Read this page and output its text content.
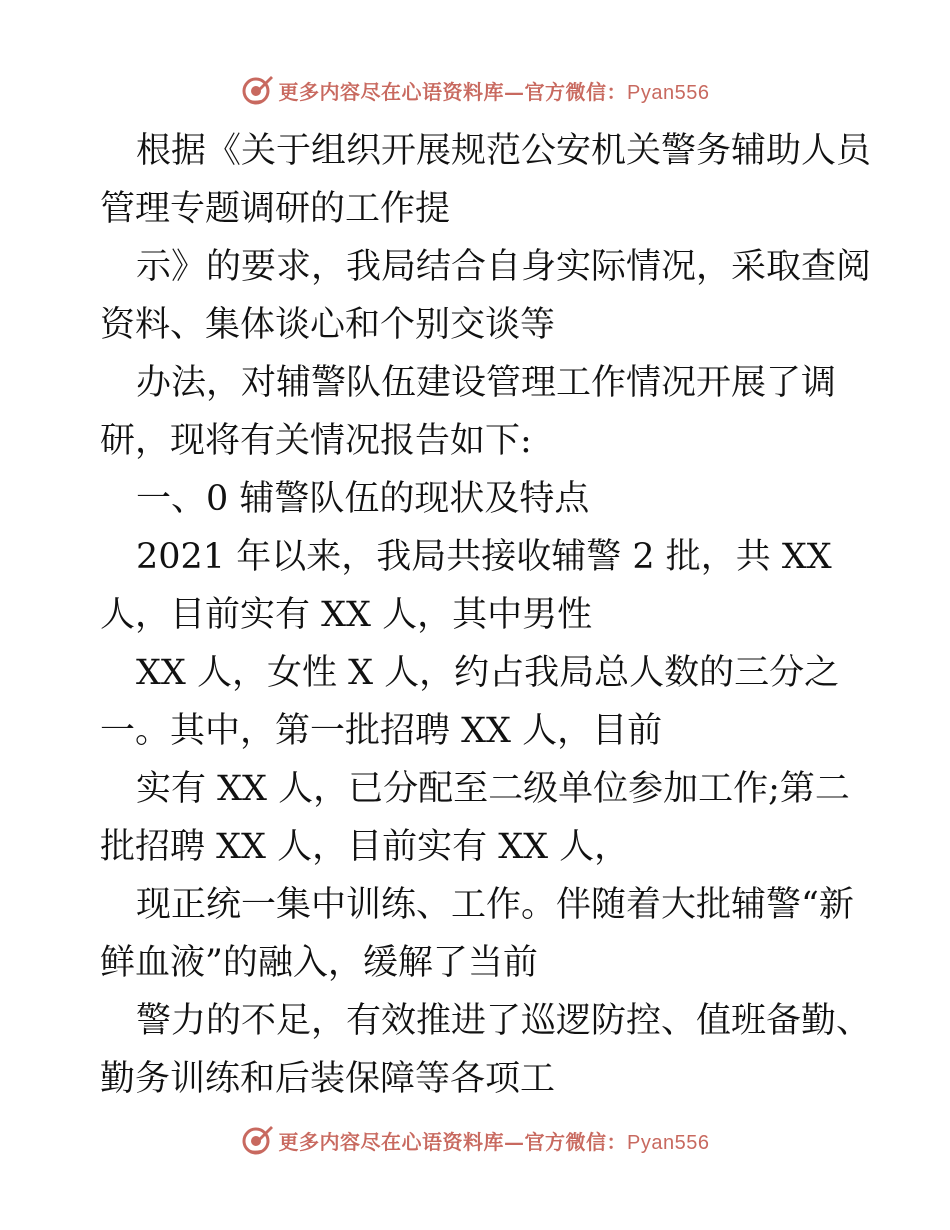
更多内容尽在心语资料库—官方微信：Pyan556
根据《关于组织开展规范公安机关警务辅助人员
管理专题调研的工作提
示》的要求，我局结合自身实际情况，采取查阅
资料、集体谈心和个别交谈等
办法，对辅警队伍建设管理工作情况开展了调
研，现将有关情况报告如下:
一、0 辅警队伍的现状及特点
2021 年以来，我局共接收辅警 2 批，共 XX
人，目前实有 XX 人，其中男性
XX 人，女性 X 人，约占我局总人数的三分之
一。其中，第一批招聘 XX 人，目前
实有 XX 人，已分配至二级单位参加工作;第二
批招聘 XX 人，目前实有 XX 人，
现正统一集中训练、工作。伴随着大批辅警“新
鲜血液”的融入，缓解了当前
警力的不足，有效推进了巡逻防控、值班备勤、
勤务训练和后装保障等各项工
更多内容尽在心语资料库—官方微信：Pyan556
